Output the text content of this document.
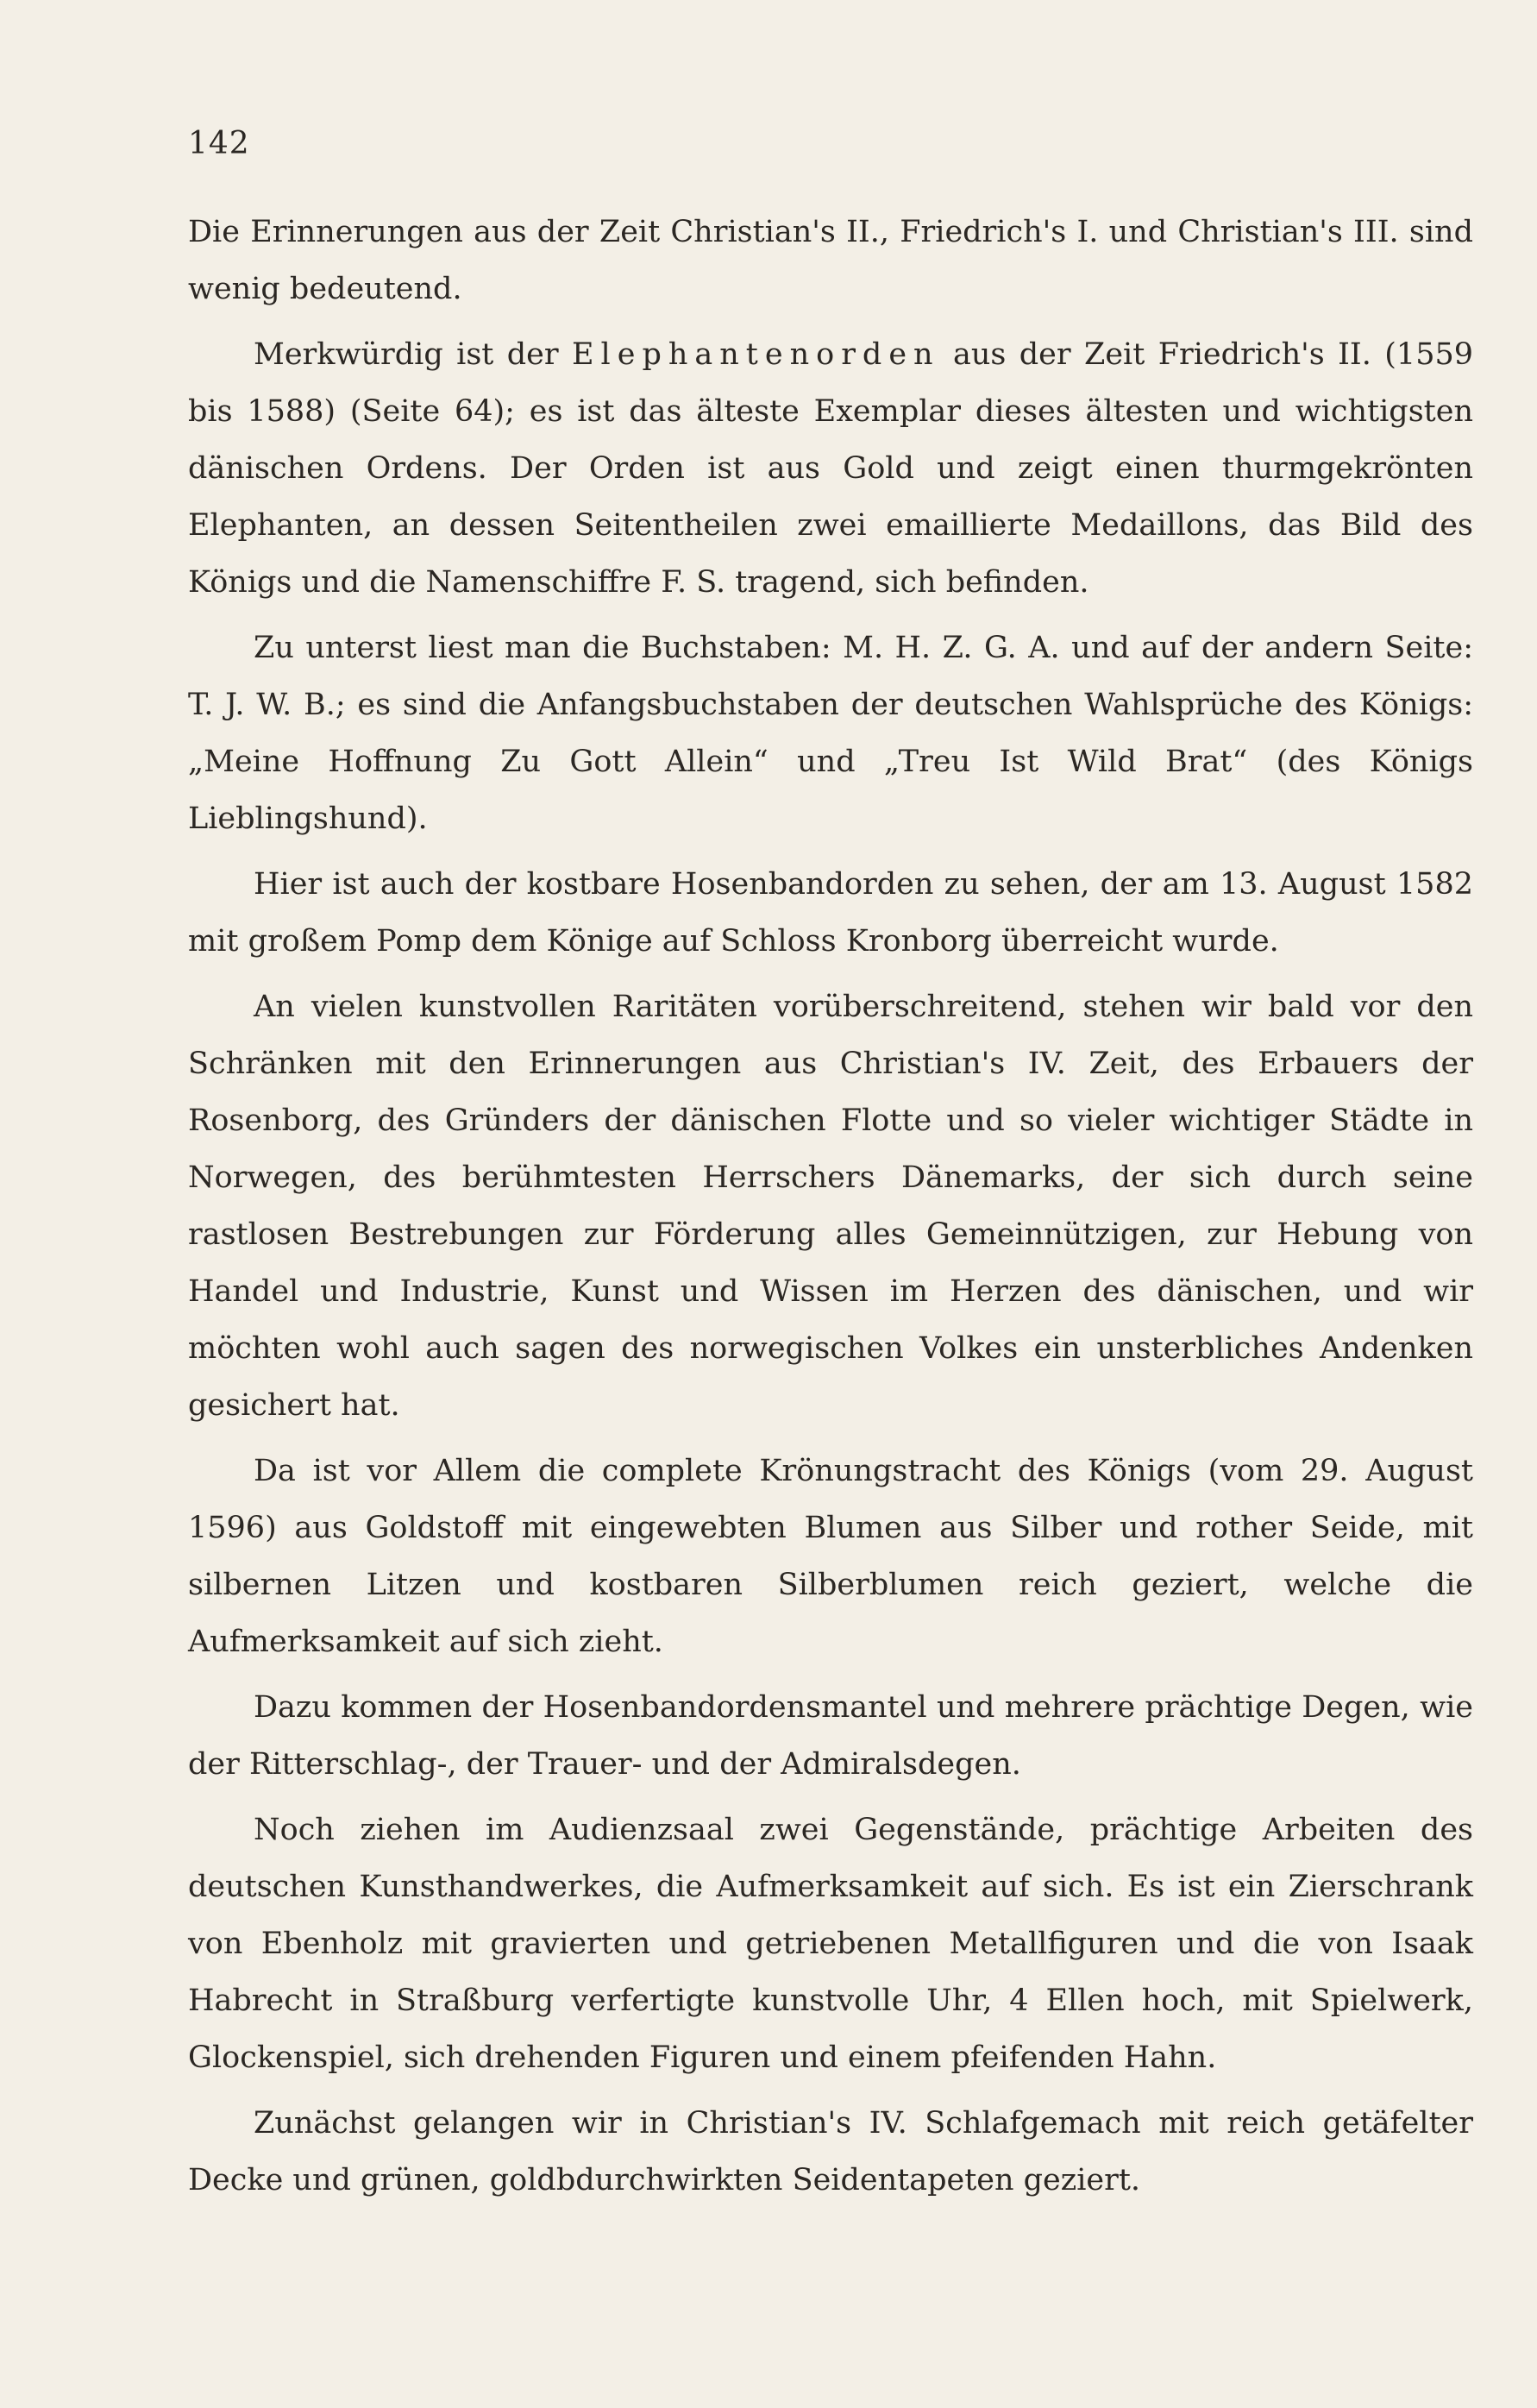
142

Die Erinnerungen aus der Zeit Christian's II., Friedrich's I. und Christian's III. sind wenig bedeutend.

Merkwürdig ist der Elephantenorden aus der Zeit Friedrich's II. (1559 bis 1588) (Seite 64); es ist das älteste Exemplar dieses ältesten und wichtigsten dänischen Ordens. Der Orden ist aus Gold und zeigt einen thurmgekrönten Elephanten, an dessen Seitentheilen zwei emaillierte Medaillons, das Bild des Königs und die Namenschiffre F. S. tragend, sich befinden.

Zu unterst liest man die Buchstaben: M. H. Z. G. A. und auf der andern Seite: T. J. W. B.; es sind die Anfangsbuchstaben der deutschen Wahlsprüche des Königs: „Meine Hoffnung Zu Gott Allein“ und „Treu Ist Wild Brat“ (des Königs Lieblingshund).

Hier ist auch der kostbare Hosenbandorden zu sehen, der am 13. August 1582 mit großem Pomp dem Könige auf Schloss Kronborg überreicht wurde.

An vielen kunstvollen Raritäten vorüberschreitend, stehen wir bald vor den Schränken mit den Erinnerungen aus Christian's IV. Zeit, des Erbauers der Rosenborg, des Gründers der dänischen Flotte und so vieler wichtiger Städte in Norwegen, des berühmtesten Herrschers Dänemarks, der sich durch seine rastlosen Bestrebungen zur Förderung alles Gemeinnützigen, zur Hebung von Handel und Industrie, Kunst und Wissen im Herzen des dänischen, und wir möchten wohl auch sagen des norwegischen Volkes ein unsterbliches Andenken gesichert hat.

Da ist vor Allem die complete Krönungstracht des Königs (vom 29. August 1596) aus Goldstoff mit eingewebten Blumen aus Silber und rother Seide, mit silbernen Litzen und kostbaren Silberblumen reich geziert, welche die Aufmerksamkeit auf sich zieht.

Dazu kommen der Hosenbandordensmantel und mehrere prächtige Degen, wie der Ritterschlag-, der Trauer- und der Admiralsdegen.

Noch ziehen im Audienzsaal zwei Gegenstände, prächtige Arbeiten des deutschen Kunsthandwerkes, die Aufmerksamkeit auf sich. Es ist ein Zierschrank von Ebenholz mit gravierten und getriebenen Metallfiguren und die von Isaak Habrecht in Straßburg verfertigte kunstvolle Uhr, 4 Ellen hoch, mit Spielwerk, Glockenspiel, sich drehenden Figuren und einem pfeifenden Hahn.

Zunächst gelangen wir in Christian's IV. Schlafgemach mit reich getäfelter Decke und grünen, goldbdurchwirkten Seidentapeten geziert.
